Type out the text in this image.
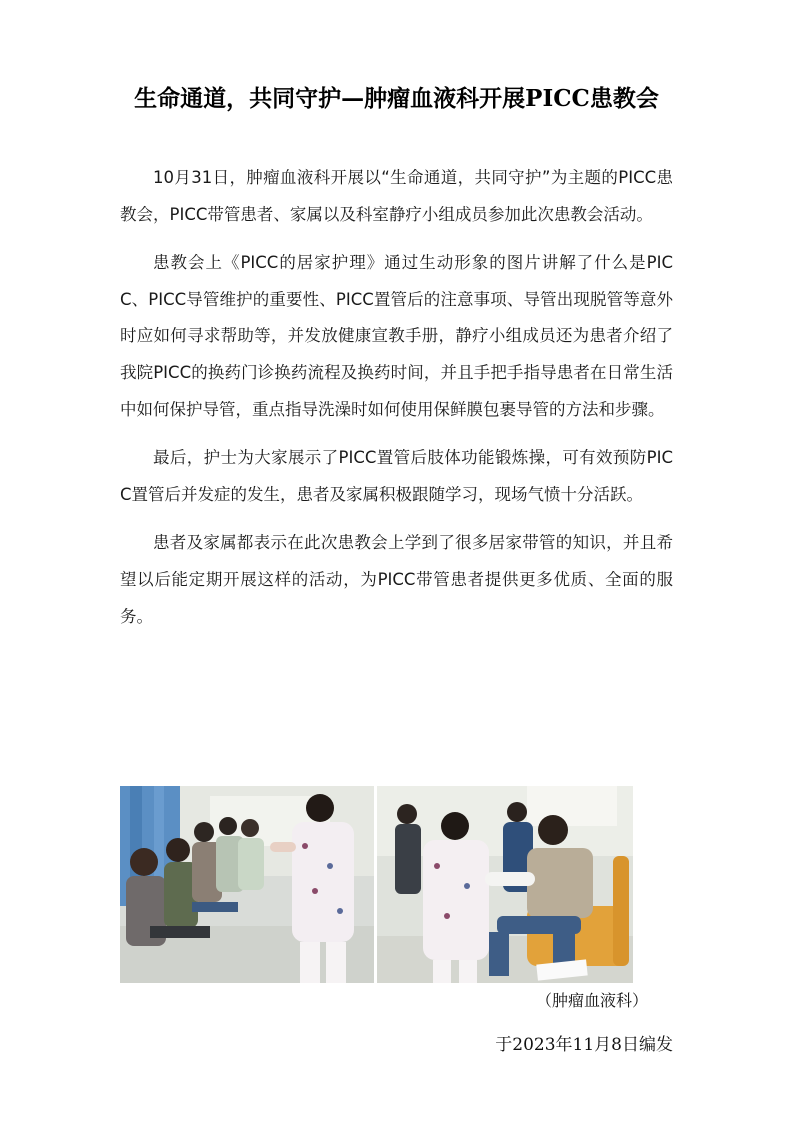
生命通道，共同守护—肿瘤血液科开展PICC患教会

10月31日，肿瘤血液科开展以“生命通道，共同守护”为主题的PICC患教会，PICC带管患者、家属以及科室静疗小组成员参加此次患教会活动。

患教会上《PICC的居家护理》通过生动形象的图片讲解了什么是PICC、PICC导管维护的重要性、PICC置管后的注意事项、导管出现脱管等意外时应如何寻求帮助等，并发放健康宣教手册，静疗小组成员还为患者介绍了我院PICC的换药门诊换药流程及换药时间，并且手把手指导患者在日常生活中如何保护导管，重点指导洗澡时如何使用保鲜膜包裹导管的方法和步骤。

最后，护士为大家展示了PICC置管后肢体功能锻炼操，可有效预防PICC置管后并发症的发生，患者及家属积极跟随学习，现场气愤十分活跃。

患者及家属都表示在此次患教会上学到了很多居家带管的知识，并且希望以后能定期开展这样的活动，为PICC带管患者提供更多优质、全面的服务。

（肿瘤血液科）
于2023年11月8日编发
